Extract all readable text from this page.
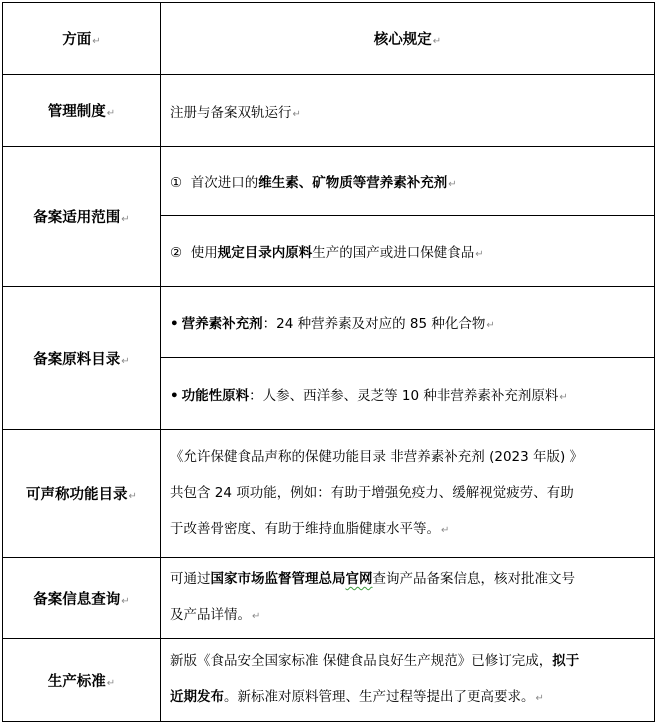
方面↵	核心规定↵
管理制度↵	注册与备案双轨运行↵
备案适用范围↵	① 首次进口的维生素、矿物质等营养素补充剂↵
	② 使用规定目录内原料生产的国产或进口保健食品↵
备案原料目录↵	• 营养素补充剂：24 种营养素及对应的 85 种化合物↵
	• 功能性原料：人参、西洋参、灵芝等 10 种非营养素补充剂原料↵
可声称功能目录↵	《允许保健食品声称的保健功能目录 非营养素补充剂 (2023 年版) 》
共包含 24 项功能，例如：有助于增强免疫力、缓解视觉疲劳、有助
于改善骨密度、有助于维持血脂健康水平等。↵

备案信息查询↵	可通过国家市场监督管理总局官网查询产品备案信息，核对批准文号
及产品详情。↵

生产标准↵	新版《食品安全国家标准 保健食品良好生产规范》已修订完成，拟于
近期发布。新标准对原料管理、生产过程等提出了更高要求。↵
